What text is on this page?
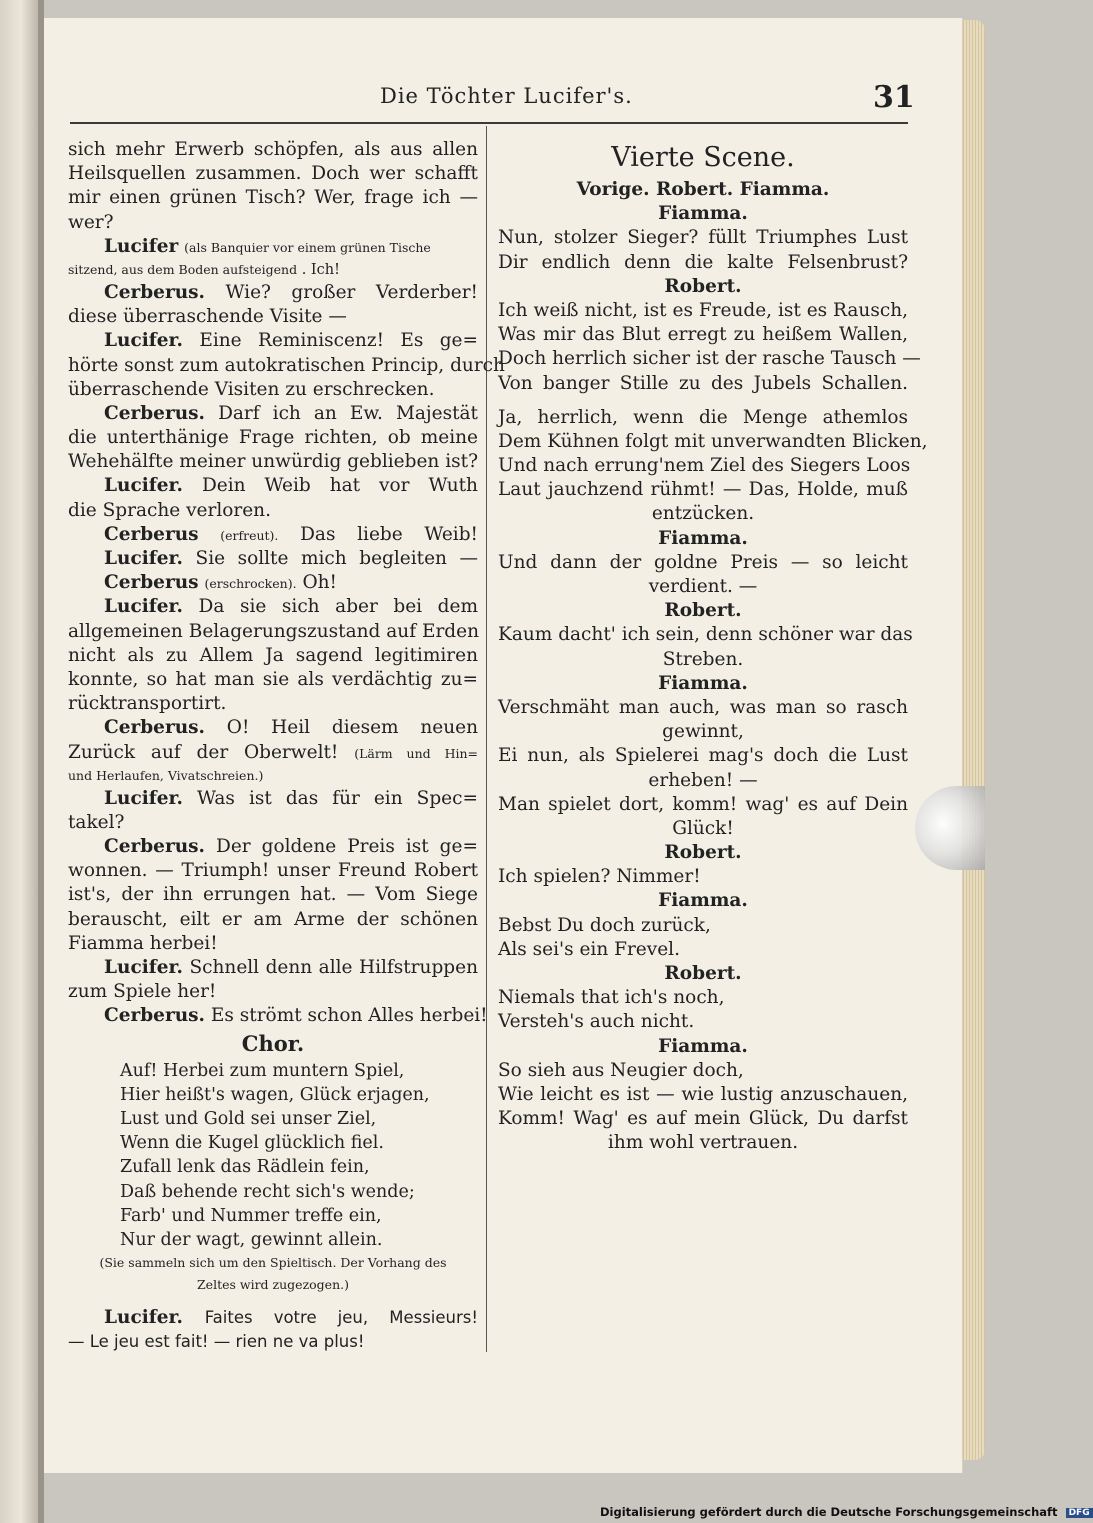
Die Töchter Lucifer's.	31
sich mehr Erwerb schöpfen, als aus allen
Heilsquellen zusammen. Doch wer schafft
mir einen grünen Tisch? Wer, frage ich —
wer?
Lucifer (als Banquier vor einem grünen Tische
sitzend, aus dem Boden aufsteigend . Ich!
Cerberus. Wie? großer Verderber!
diese überraschende Visite —
Lucifer. Eine Reminiscenz! Es ge=
hörte sonst zum autokratischen Princip, durch
überraschende Visiten zu erschrecken.
Cerberus. Darf ich an Ew. Majestät
die unterthänige Frage richten, ob meine
Wehehälfte meiner unwürdig geblieben ist?
Lucifer. Dein Weib hat vor Wuth
die Sprache verloren.
Cerberus (erfreut). Das liebe Weib!
Lucifer. Sie sollte mich begleiten —
Cerberus (erschrocken). Oh!
Lucifer. Da sie sich aber bei dem
allgemeinen Belagerungszustand auf Erden
nicht als zu Allem Ja sagend legitimiren
konnte, so hat man sie als verdächtig zu=
rücktransportirt.
Cerberus. O! Heil diesem neuen
Zurück auf der Oberwelt! (Lärm und Hin=
und Herlaufen, Vivatschreien.)
Lucifer. Was ist das für ein Spec=
takel?
Cerberus. Der goldene Preis ist ge=
wonnen. — Triumph! unser Freund Robert
ist's, der ihn errungen hat. — Vom Siege
berauscht, eilt er am Arme der schönen
Fiamma herbei!
Lucifer. Schnell denn alle Hilfstruppen
zum Spiele her!
Cerberus. Es strömt schon Alles herbei!
Chor.
Auf! Herbei zum muntern Spiel,
Hier heißt's wagen, Glück erjagen,
Lust und Gold sei unser Ziel,
Wenn die Kugel glücklich fiel.
Zufall lenk das Rädlein fein,
Daß behende recht sich's wende;
Farb' und Nummer treffe ein,
Nur der wagt, gewinnt allein.
(Sie sammeln sich um den Spieltisch. Der Vorhang des
Zeltes wird zugezogen.)
Lucifer. Faites votre jeu, Messieurs!
— Le jeu est fait! — rien ne va plus!
Vierte Scene.
Vorige. Robert. Fiamma.
Fiamma.
Nun, stolzer Sieger? füllt Triumphes Lust
Dir endlich denn die kalte Felsenbrust?
Robert.
Ich weiß nicht, ist es Freude, ist es Rausch,
Was mir das Blut erregt zu heißem Wallen,
Doch herrlich sicher ist der rasche Tausch —
Von banger Stille zu des Jubels Schallen.
Ja, herrlich, wenn die Menge athemlos
Dem Kühnen folgt mit unverwandten Blicken,
Und nach errung'nem Ziel des Siegers Loos
Laut jauchzend rühmt! — Das, Holde, muß
entzücken.
Fiamma.
Und dann der goldne Preis — so leicht
verdient. —
Robert.
Kaum dacht' ich sein, denn schöner war das
Streben.
Fiamma.
Verschmäht man auch, was man so rasch
gewinnt,
Ei nun, als Spielerei mag's doch die Lust
erheben! —
Man spielet dort, komm! wag' es auf Dein
Glück!
Robert.
Ich spielen? Nimmer!
Fiamma.
Bebst Du doch zurück,
Als sei's ein Frevel.
Robert.
Niemals that ich's noch,
Versteh's auch nicht.
Fiamma.
So sieh aus Neugier doch,
Wie leicht es ist — wie lustig anzuschauen,
Komm! Wag' es auf mein Glück, Du darfst
ihm wohl vertrauen.
Digitalisierung gefördert durch die Deutsche Forschungsgemeinschaft DFG
